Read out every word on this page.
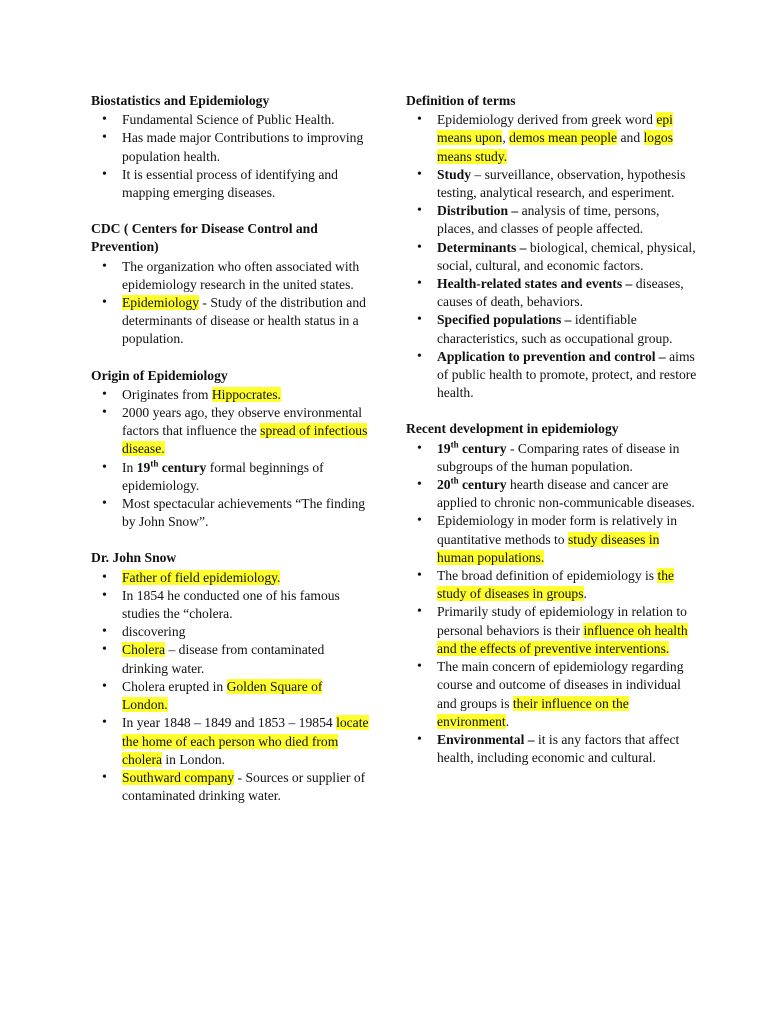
Biostatistics and Epidemiology
• Fundamental Science of Public Health.
• Has made major Contributions to improving population health.
• It is essential process of identifying and mapping emerging diseases.
CDC ( Centers for Disease Control and Prevention)
• The organization who often associated with epidemiology research in the united states.
• Epidemiology - Study of the distribution and determinants of disease or health status in a population.
Origin of Epidemiology
• Originates from Hippocrates.
• 2000 years ago, they observe environmental factors that influence the spread of infectious disease.
• In 19th century formal beginnings of epidemiology.
• Most spectacular achievements “The finding by John Snow”.
Dr. John Snow
• Father of field epidemiology.
• In 1854 he conducted one of his famous studies the “cholera.
• discovering
• Cholera – disease from contaminated drinking water.
• Cholera erupted in Golden Square of London.
• In year 1848 – 1849 and 1853 – 19854 locate the home of each person who died from cholera in London.
• Southward company - Sources or supplier of contaminated drinking water.
Definition of terms
• Epidemiology derived from greek word epi means upon, demos mean people and logos means study.
• Study – surveillance, observation, hypothesis testing, analytical research, and esperiment.
• Distribution – analysis of time, persons, places, and classes of people affected.
• Determinants – biological, chemical, physical, social, cultural, and economic factors.
• Health-related states and events – diseases, causes of death, behaviors.
• Specified populations – identifiable characteristics, such as occupational group.
• Application to prevention and control – aims of public health to promote, protect, and restore health.
Recent development in epidemiology
• 19th century - Comparing rates of disease in subgroups of the human population.
• 20th century hearth disease and cancer are applied to chronic non-communicable diseases.
• Epidemiology in moder form is relatively in quantitative methods to study diseases in human populations.
• The broad definition of epidemiology is the study of diseases in groups.
• Primarily study of epidemiology in relation to personal behaviors is their influence oh health and the effects of preventive interventions.
• The main concern of epidemiology regarding course and outcome of diseases in individual and groups is their influence on the environment.
• Environmental – it is any factors that affect health, including economic and cultural.
